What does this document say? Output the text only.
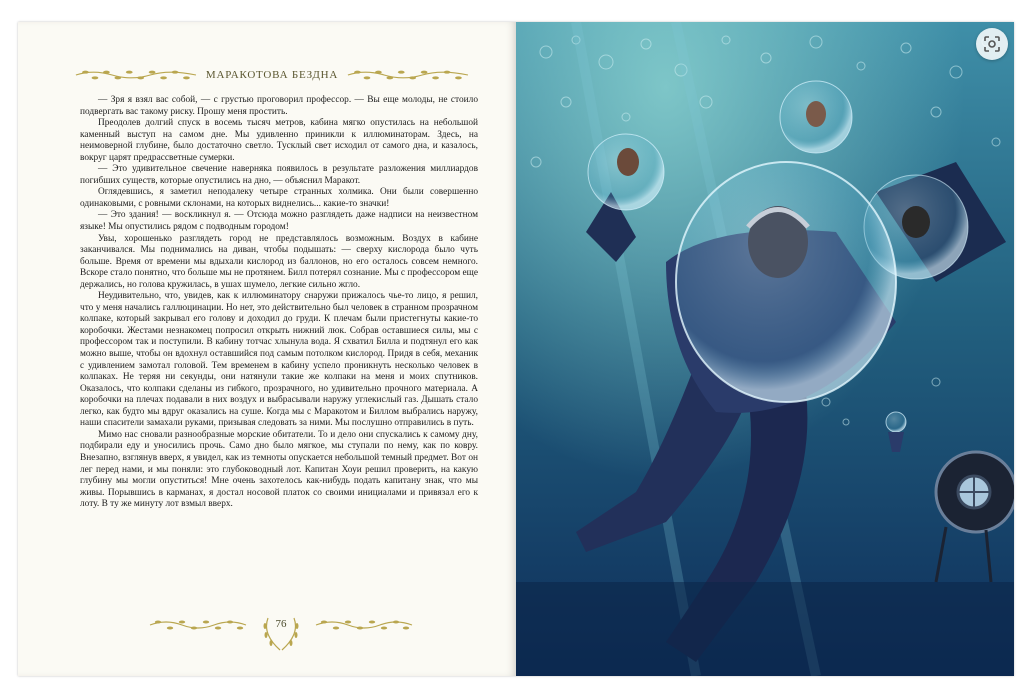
МАРАКОТОВА БЕЗДНА

— Зря я взял вас собой, — с грустью проговорил профессор. — Вы еще молоды, не стоило подвергать вас такому риску. Прошу меня простить.

Преодолев долгий спуск в восемь тысяч метров, кабина мягко опустилась на небольшой каменный выступ на самом дне. Мы удивленно приникли к иллюминаторам. Здесь, на неимоверной глубине, было достаточно светло. Тусклый свет исходил от самого дна, и казалось, вокруг царят предрассветные сумерки.

— Это удивительное свечение наверняка появилось в результате разложения миллиардов погибших существ, которые опустились на дно, — объяснил Маракот.

Оглядевшись, я заметил неподалеку четыре странных холмика. Они были совершенно одинаковыми, с ровными склонами, на которых виднелись... какие-то значки!

— Это здания! — воскликнул я. — Отсюда можно разглядеть даже надписи на неизвестном языке! Мы опустились рядом с подводным городом!

Увы, хорошенько разглядеть город не представлялось возможным. Воздух в кабине заканчивался. Мы поднимались на диван, чтобы подышать: — сверху кислорода было чуть больше. Время от времени мы вдыхали кислород из баллонов, но его осталось совсем немного. Вскоре стало понятно, что больше мы не протянем. Билл потерял сознание. Мы с профессором еще держались, но голова кружилась, в ушах шумело, легкие сильно жгло.

Неудивительно, что, увидев, как к иллюминатору снаружи прижалось чье-то лицо, я решил, что у меня начались галлюцинации. Но нет, это действительно был человек в странном прозрачном колпаке, который закрывал его голову и доходил до груди. К плечам были пристегнуты какие-то коробочки. Жестами незнакомец попросил открыть нижний люк. Собрав оставшиеся силы, мы с профессором так и поступили. В кабину тотчас хлынула вода. Я схватил Билла и подтянул его как можно выше, чтобы он вдохнул оставшийся под самым потолком кислород. Придя в себя, механик с удивлением замотал головой. Тем временем в кабину успело проникнуть несколько человек в колпаках. Не теряя ни секунды, они натянули такие же колпаки на меня и моих спутников. Оказалось, что колпаки сделаны из гибкого, прозрачного, но удивительно прочного материала. А коробочки на плечах подавали в них воздух и выбрасывали наружу углекислый газ. Дышать стало легко, как будто мы вдруг оказались на суше. Когда мы с Маракотом и Биллом выбрались наружу, наши спасители замахали руками, призывая следовать за ними. Мы послушно отправились в путь.

Мимо нас сновали разнообразные морские обитатели. То и дело они спускались к самому дну, подбирали еду и уносились прочь. Само дно было мягкое, мы ступали по нему, как по ковру. Внезапно, взглянув вверх, я увидел, как из темноты опускается небольшой темный предмет. Вот он лег перед нами, и мы поняли: это глубоководный лот. Капитан Хоуи решил проверить, на какую глубину мы могли опуститься! Мне очень захотелось как-нибудь подать капитану знак, что мы живы. Порывшись в карманах, я достал носовой платок со своими инициалами и привязал его к лоту. В ту же минуту лот взмыл вверх.

76
